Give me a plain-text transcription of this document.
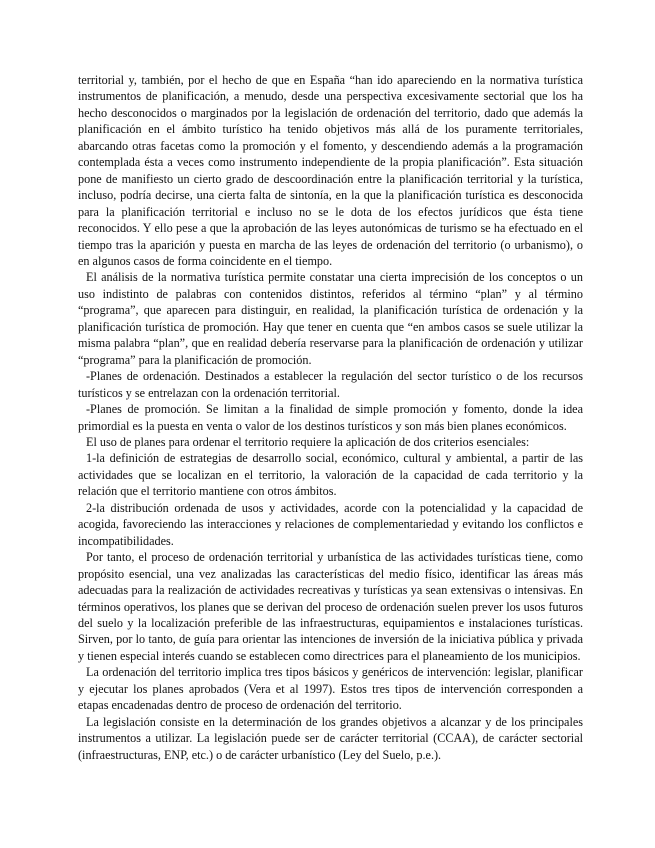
territorial y, también, por el hecho de que en España “han ido apareciendo en la normativa turística instrumentos de planificación, a menudo, desde una perspectiva excesivamente sectorial que los ha hecho desconocidos o marginados por la legislación de ordenación del territorio, dado que además la planificación en el ámbito turístico ha tenido objetivos más allá de los puramente territoriales, abarcando otras facetas como la promoción y el fomento, y descendiendo además a la programación contemplada ésta a veces como instrumento independiente de la propia planificación”. Esta situación pone de manifiesto un cierto grado de descoordinación entre la planificación territorial y la turística, incluso, podría decirse, una cierta falta de sintonía, en la que la planificación turística es desconocida para la planificación territorial e incluso no se le dota de los efectos jurídicos que ésta tiene reconocidos. Y ello pese a que la aprobación de las leyes autonómicas de turismo se ha efectuado en el tiempo tras la aparición y puesta en marcha de las leyes de ordenación del territorio (o urbanismo), o en algunos casos de forma coincidente en el tiempo.

El análisis de la normativa turística permite constatar una cierta imprecisión de los conceptos o un uso indistinto de palabras con contenidos distintos, referidos al término “plan” y al término “programa”, que aparecen para distinguir, en realidad, la planificación turística de ordenación y la planificación turística de promoción. Hay que tener en cuenta que “en ambos casos se suele utilizar la misma palabra “plan”, que en realidad debería reservarse para la planificación de ordenación y utilizar “programa” para la planificación de promoción.

-Planes de ordenación. Destinados a establecer la regulación del sector turístico o de los recursos turísticos y se entrelazan con la ordenación territorial.

-Planes de promoción. Se limitan a la finalidad de simple promoción y fomento, donde la idea primordial es la puesta en venta o valor de los destinos turísticos y son más bien planes económicos.

El uso de planes para ordenar el territorio requiere la aplicación de dos criterios esenciales:

1-la definición de estrategias de desarrollo social, económico, cultural y ambiental, a partir de las actividades que se localizan en el territorio, la valoración de la capacidad de cada territorio y la relación que el territorio mantiene con otros ámbitos.

2-la distribución ordenada de usos y actividades, acorde con la potencialidad y la capacidad de acogida, favoreciendo las interacciones y relaciones de complementariedad y evitando los conflictos e incompatibilidades.

Por tanto, el proceso de ordenación territorial y urbanística de las actividades turísticas tiene, como propósito esencial, una vez analizadas las características del medio físico, identificar las áreas más adecuadas para la realización de actividades recreativas y turísticas ya sean extensivas o intensivas. En términos operativos, los planes que se derivan del proceso de ordenación suelen prever los usos futuros del suelo y la localización preferible de las infraestructuras, equipamientos e instalaciones turísticas. Sirven, por lo tanto, de guía para orientar las intenciones de inversión de la iniciativa pública y privada y tienen especial interés cuando se establecen como directrices para el planeamiento de los municipios.

La ordenación del territorio implica tres tipos básicos y genéricos de intervención: legislar, planificar y ejecutar los planes aprobados (Vera et al 1997). Estos tres tipos de intervención corresponden a etapas encadenadas dentro de proceso de ordenación del territorio.

La legislación consiste en la determinación de los grandes objetivos a alcanzar y de los principales instrumentos a utilizar. La legislación puede ser de carácter territorial (CCAA), de carácter sectorial (infraestructuras, ENP, etc.) o de carácter urbanístico (Ley del Suelo, p.e.).
